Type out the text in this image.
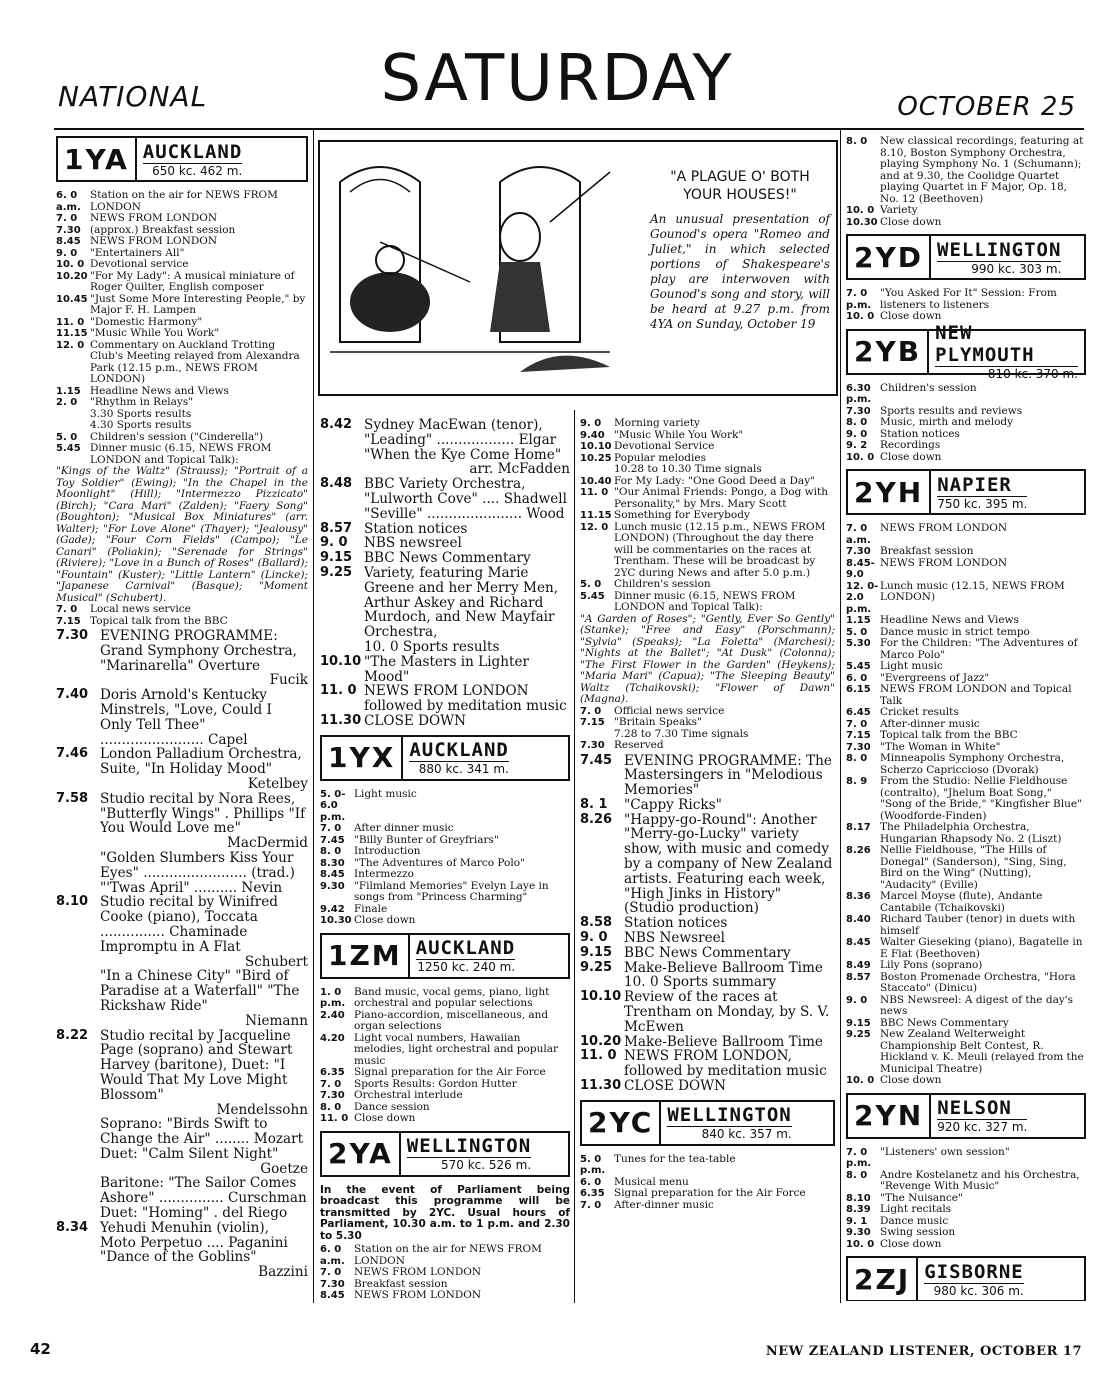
NATIONAL	SATURDAY	OCTOBER 25
1YA AUCKLAND
650 kc. 462 m.
6. 0 a.m.
Station on the air for NEWS FROM LONDON
7. 0	NEWS FROM LONDON
7.30 (approx.) Breakfast session
8.45 NEWS FROM LONDON
9. 0	"Entertainers All"
10. 0 Devotional service
10.20 "For My Lady": A musical miniature of Roger Quilter, English composer
10.45 "Just Some More Interesting People," by Major F. H. Lampen
11. 0 "Domestic Harmony"
11.15 "Music While You Work"
12. 0 Commentary on Auckland Trotting Club's Meeting relayed from Alexandra Park (12.15 p.m., NEWS FROM LONDON)
1.15 Headline News and Views
2. 0	"Rhythm in Relays"
3.30 Sports results
4.30 Sports results
5. 0	Children's session ("Cinderella")
5.45 Dinner music (6.15, NEWS FROM LONDON and Topical Talk):
"Kings of the Waltz" (Strauss); "Portrait of a Toy Soldier" (Ewing); "In the Chapel in the Moonlight" (Hill); "Intermezzo Pizzicato" (Birch); "Cara Mari" (Zalden); "Faery Song" (Boughton); "Musical Box Miniatures" (arr. Walter); "For Love Alone" (Thayer); "Jealousy" (Gade); "Four Corn Fields" (Campo); "Le Canari" (Poliakin); "Serenade for Strings" (Riviere); "Love in a Bunch of Roses" (Ballard); "Fountain" (Kuster); "Little Lantern" (Lincke); "Japanese Carnival" (Basque); "Moment Musical" (Schubert).
7. 0	Local news service
7.15 Topical talk from the BBC
7.30 EVENING PROGRAMME: Grand Symphony Orchestra, "Marinarella" Overture
Fucik
7.40 Doris Arnold's Kentucky Minstrels, "Love, Could I Only Tell Thee" ........................ Capel
7.46 London Palladium Orchestra, Suite, "In Holiday Mood"
Ketelbey
7.58 Studio recital by Nora Rees, "Butterfly Wings" . Phillips "If You Would Love me"
MacDermid
"Golden Slumbers Kiss Your Eyes" ........................ (trad.) "'Twas April" .......... Nevin
8.10 Studio recital by Winifred Cooke (piano), Toccata ............... Chaminade Impromptu in A Flat
Schubert
"In a Chinese City" "Bird of Paradise at a Waterfall" "The Rickshaw Ride"
Niemann
8.22 Studio recital by Jacqueline Page (soprano) and Stewart Harvey (baritone), Duet: "I Would That My Love Might Blossom"
Mendelssohn
Soprano: "Birds Swift to Change the Air" ........ Mozart Duet: "Calm Silent Night"
Goetze
Baritone: "The Sailor Comes Ashore" ............... Curschman Duet: "Homing" . del Riego
8.34 Yehudi Menuhin (violin), Moto Perpetuo .... Paganini "Dance of the Goblins"
Bazzini
"A PLAGUE O' BOTH YOUR HOUSES!"
An unusual presentation of Gounod's opera "Romeo and Juliet," in which selected portions of Shakespeare's play are interwoven with Gounod's song and story, will be heard at 9.27 p.m. from 4YA on Sunday, October 19
8.42 Sydney MacEwan (tenor), "Leading" .................. Elgar "When the Kye Come Home"
arr. McFadden
8.48 BBC Variety Orchestra, "Lulworth Cove" .... Shadwell "Seville" ...................... Wood
8.57 Station notices
9. 0	NBS newsreel
9.15 BBC News Commentary
9.25 Variety, featuring Marie Greene and her Merry Men, Arthur Askey and Richard Murdoch, and New Mayfair Orchestra,
10. 0 Sports results
10.10 "The Masters in Lighter Mood"
11. 0 NEWS FROM LONDON followed by meditation music
11.30 CLOSE DOWN
1YX AUCKLAND
880 kc. 341 m.
5. 0-6.0 p.m.
Light music
7. 0	After dinner music
7.45 "Billy Bunter of Greyfriars"
8. 0	Introduction
8.30 "The Adventures of Marco Polo"
8.45 Intermezzo
9.30 "Filmland Memories" Evelyn Laye in songs from "Princess Charming"
9.42 Finale
10.30 Close down
1ZM AUCKLAND
1250 kc. 240 m.
1. 0 p.m.
Band music, vocal gems, piano, light orchestral and popular selections
2.40 Piano-accordion, miscellaneous, and organ selections
4.20 Light vocal numbers, Hawaiian melodies, light orchestral and popular music
6.35 Signal preparation for the Air Force
7. 0	Sports Results: Gordon Hutter
7.30 Orchestral interlude
8. 0	Dance session
11. 0 Close down
2YA WELLINGTON
570 kc. 526 m.
In the event of Parliament being broadcast this programme will be transmitted by 2YC. Usual hours of Parliament, 10.30 a.m. to 1 p.m. and 2.30 to 5.30
6. 0 a.m.
Station on the air for NEWS FROM LONDON
7. 0	NEWS FROM LONDON
7.30 Breakfast session
8.45 NEWS FROM LONDON
9. 0	Morning variety
9.40 "Music While You Work"
10.10 Devotional Service
10.25 Popular melodies
10.28 to 10.30 Time signals
10.40 For My Lady: "One Good Deed a Day"
11. 0 "Our Animal Friends: Pongo, a Dog with Personality," by Mrs. Mary Scott
11.15 Something for Everybody
12. 0 Lunch music (12.15 p.m., NEWS FROM LONDON) (Throughout the day there will be commentaries on the races at Trentham. These will be broadcast by 2YC during News and after 5.0 p.m.)
5. 0	Children's session
5.45 Dinner music (6.15, NEWS FROM LONDON and Topical Talk):
"A Garden of Roses"; "Gently, Ever So Gently" (Stanke); "Free and Easy" (Porschmann); "Sylvia" (Speaks); "La Foletta" (Marchesi); "Nights at the Ballet"; "At Dusk" (Colonna); "The First Flower in the Garden" (Heykens); "Maria Mari" (Capua); "The Sleeping Beauty" Waltz (Tchaikovski); "Flower of Dawn" (Magna).
7. 0	Official news service
7.15 "Britain Speaks"
7.28 to 7.30 Time signals
7.30 Reserved
7.45 EVENING PROGRAMME: The Mastersingers in "Melodious Memories"
8. 1	"Cappy Ricks"
8.26 "Happy-go-Round": Another "Merry-go-Lucky" variety show, with music and comedy by a company of New Zealand artists. Featuring each week, "High Jinks in History" (Studio production)
8.58 Station notices
9. 0	NBS Newsreel
9.15 BBC News Commentary
9.25 Make-Believe Ballroom Time
10. 0 Sports summary
10.10 Review of the races at Trentham on Monday, by S. V. McEwen
10.20 Make-Believe Ballroom Time
11. 0 NEWS FROM LONDON, followed by meditation music
11.30 CLOSE DOWN
2YC WELLINGTON
840 kc. 357 m.
5. 0 p.m.
Tunes for the tea-table
6. 0	Musical menu
6.35 Signal preparation for the Air Force
7. 0	After-dinner music
8. 0	New classical recordings, featuring at 8.10, Boston Symphony Orchestra, playing Symphony No. 1 (Schumann); and at 9.30, the Coolidge Quartet playing Quartet in F Major, Op. 18, No. 12 (Beethoven)
10. 0 Variety
10.30 Close down
2YD WELLINGTON
990 kc. 303 m.
7. 0 p.m.
"You Asked For It" Session: From listeners to listeners
10. 0 Close down
2YB
NEW PLYMOUTH
810 kc. 370 m.
6.30 p.m.
Children's session
7.30 Sports results and reviews
8. 0	Music, mirth and melody
9. 0	Station notices
9. 2	Recordings
10. 0 Close down
2YH NAPIER
750 kc. 395 m.
7. 0 a.m.
NEWS FROM LONDON
7.30 Breakfast session
8.45-9.0
NEWS FROM LONDON
12. 0-2.0 p.m.
Lunch music (12.15, NEWS FROM LONDON)
1.15 Headline News and Views
5. 0	Dance music in strict tempo
5.30 For the Children: "The Adventures of Marco Polo"
5.45 Light music
6. 0	"Evergreens of Jazz"
6.15 NEWS FROM LONDON and Topical Talk
6.45 Cricket results
7. 0	After-dinner music
7.15 Topical talk from the BBC
7.30 "The Woman in White"
8. 0	Minneapolis Symphony Orchestra, Scherzo Capriccioso (Dvorak)
8. 9	From the Studio: Nellie Fieldhouse (contralto), "Jhelum Boat Song," "Song of the Bride," "Kingfisher Blue" (Woodforde-Finden)
8.17 The Philadelphia Orchestra, Hungarian Rhapsody No. 2 (Liszt)
8.26 Nellie Fieldhouse, "The Hills of Donegal" (Sanderson), "Sing, Sing, Bird on the Wing" (Nutting), "Audacity" (Eville)
8.36 Marcel Moyse (flute), Andante Cantabile (Tchaikovski)
8.40 Richard Tauber (tenor) in duets with himself
8.45 Walter Gieseking (piano), Bagatelle in E Flat (Beethoven)
8.49 Lily Pons (soprano)
8.57 Boston Promenade Orchestra, "Hora Staccato" (Dinicu)
9. 0	NBS Newsreel: A digest of the day's news
9.15 BBC News Commentary
9.25 New Zealand Welterweight Championship Belt Contest, R. Hickland v. K. Meuli (relayed from the Municipal Theatre)
10. 0 Close down
2YN NELSON
920 kc. 327 m.
7. 0 p.m.
"Listeners' own session"
8. 0	Andre Kostelanetz and his Orchestra, "Revenge With Music"
8.10 "The Nuisance"
8.39 Light recitals
9. 1	Dance music
9.30 Swing session
10. 0 Close down
2ZJ GISBORNE
980 kc. 306 m.
42	NEW ZEALAND LISTENER, OCTOBER 17
